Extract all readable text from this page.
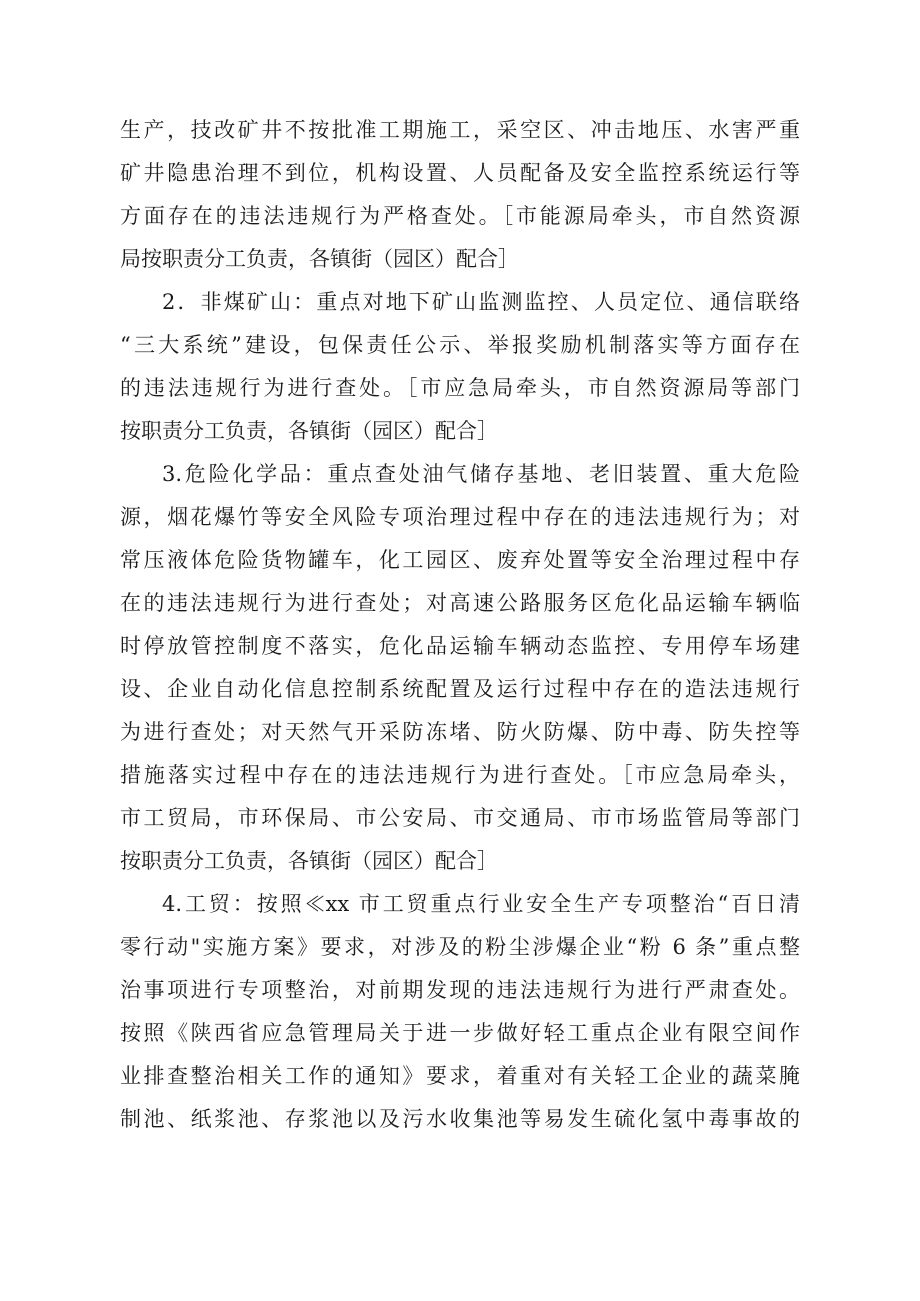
生产，技改矿井不按批准工期施工，采空区、冲击地压、水害严重
矿井隐患治理不到位，机构设置、人员配备及安全监控系统运行等
方面存在的违法违规行为严格查处。［市能源局牵头，市自然资源
局按职责分工负责，各镇街（园区）配合］
2．非煤矿山：重点对地下矿山监测监控、人员定位、通信联络
“三大系统”建设，包保责任公示、举报奖励机制落实等方面存在
的违法违规行为进行查处。［市应急局牵头，市自然资源局等部门
按职责分工负责，各镇街（园区）配合］
3.危险化学品：重点查处油气储存基地、老旧装置、重大危险
源，烟花爆竹等安全风险专项治理过程中存在的违法违规行为；对
常压液体危险货物罐车，化工园区、废弃处置等安全治理过程中存
在的违法违规行为进行查处；对高速公路服务区危化品运输车辆临
时停放管控制度不落实，危化品运输车辆动态监控、专用停车场建
设、企业自动化信息控制系统配置及运行过程中存在的造法违规行
为进行查处；对天然气开采防冻堵、防火防爆、防中毒、防失控等
措施落实过程中存在的违法违规行为进行查处。［市应急局牵头，
市工贸局，市环保局、市公安局、市交通局、市市场监管局等部门
按职责分工负责，各镇街（园区）配合］
4.工贸：按照≪xx 市工贸重点行业安全生产专项整治“百日清
零行动"实施方案》要求，对涉及的粉尘涉爆企业“粉 6 条”重点整
治事项进行专项整治，对前期发现的违法违规行为进行严肃查处。
按照《陕西省应急管理局关于进一步做好轻工重点企业有限空间作
业排查整治相关工作的通知》要求，着重对有关轻工企业的蔬菜腌
制池、纸浆池、存浆池以及污水收集池等易发生硫化氢中毒事故的
